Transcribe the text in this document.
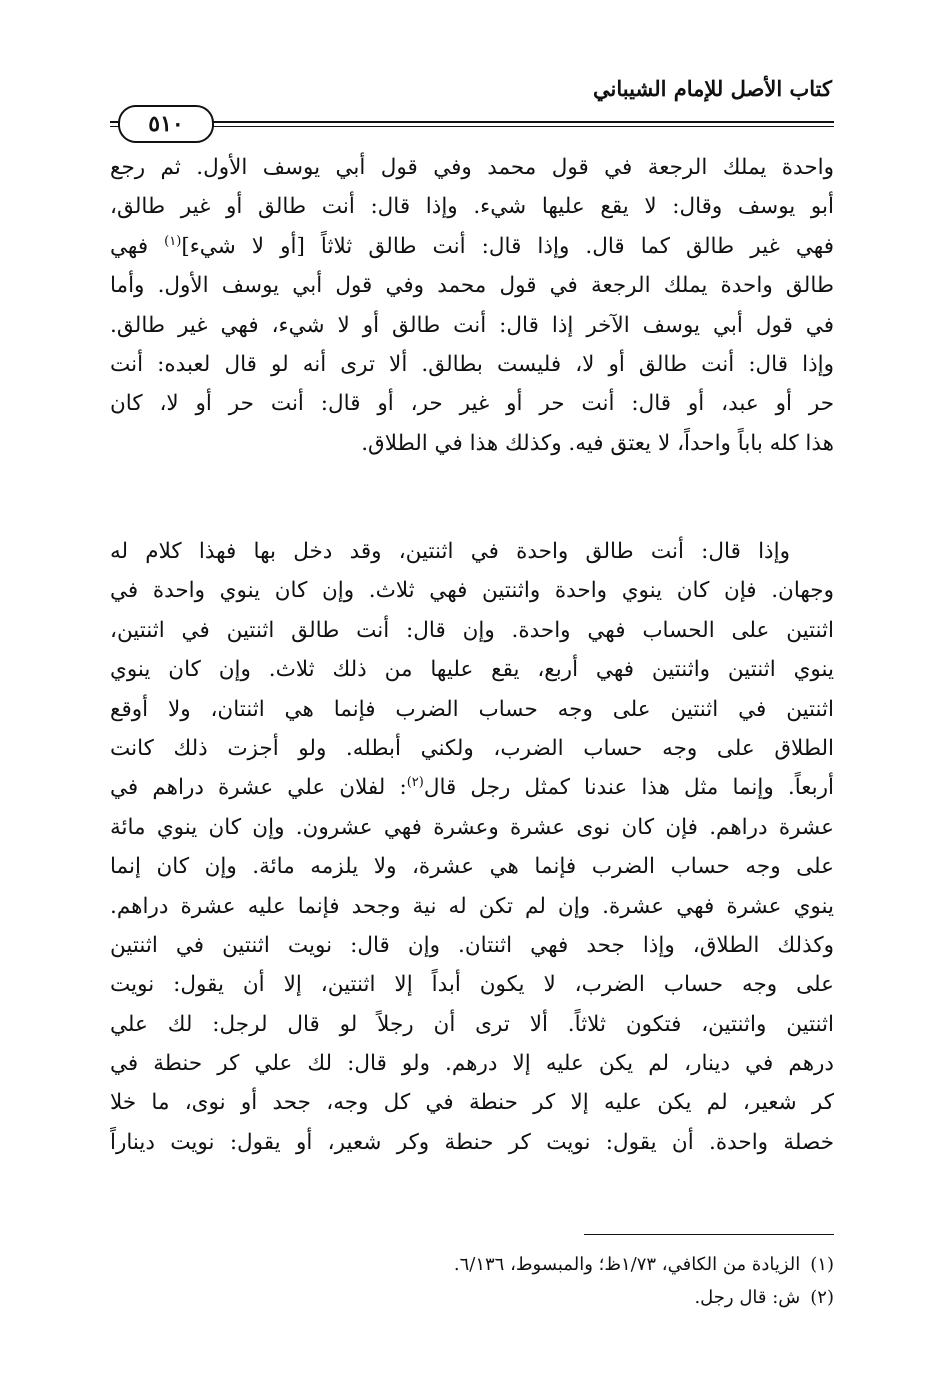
كتاب الأصل للإمام الشيباني
٥١٠
واحدة يملك الرجعة في قول محمد وفي قول أبي يوسف الأول. ثم رجع
أبو يوسف وقال: لا يقع عليها شيء. وإذا قال: أنت طالق أو غير طالق،
فهي غير طالق كما قال. وإذا قال: أنت طالق ثلاثاً [أو لا شيء]$^{(١)}$ فهي
طالق واحدة يملك الرجعة في قول محمد وفي قول أبي يوسف الأول. وأما
في قول أبي يوسف الآخر إذا قال: أنت طالق أو لا شيء، فهي غير طالق.
وإذا قال: أنت طالق أو لا، فليست بطالق. ألا ترى أنه لو قال لعبده: أنت
حر أو عبد، أو قال: أنت حر أو غير حر، أو قال: أنت حر أو لا، كان
هذا كله باباً واحداً، لا يعتق فيه. وكذلك هذا في الطلاق.
وإذا قال: أنت طالق واحدة في اثنتين، وقد دخل بها فهذا كلام له
وجهان. فإن كان ينوي واحدة واثنتين فهي ثلاث. وإن كان ينوي واحدة في
اثنتين على الحساب فهي واحدة. وإن قال: أنت طالق اثنتين في اثنتين،
ينوي اثنتين واثنتين فهي أربع، يقع عليها من ذلك ثلاث. وإن كان ينوي
اثنتين في اثنتين على وجه حساب الضرب فإنما هي اثنتان، ولا أوقع
الطلاق على وجه حساب الضرب، ولكني أبطله. ولو أجزت ذلك كانت
أربعاً. وإنما مثل هذا عندنا كمثل رجل قال$^{(٢)}$: لفلان علي عشرة دراهم في
عشرة دراهم. فإن كان نوى عشرة وعشرة فهي عشرون. وإن كان ينوي مائة
على وجه حساب الضرب فإنما هي عشرة، ولا يلزمه مائة. وإن كان إنما
ينوي عشرة فهي عشرة. وإن لم تكن له نية وجحد فإنما عليه عشرة دراهم.
وكذلك الطلاق، وإذا جحد فهي اثنتان. وإن قال: نويت اثنتين في اثنتين
على وجه حساب الضرب، لا يكون أبداً إلا اثنتين، إلا أن يقول: نويت
اثنتين واثنتين، فتكون ثلاثاً. ألا ترى أن رجلاً لو قال لرجل: لك علي
درهم في دينار، لم يكن عليه إلا درهم. ولو قال: لك علي كر حنطة في
كر شعير، لم يكن عليه إلا كر حنطة في كل وجه، جحد أو نوى، ما خلا
خصلة واحدة. أن يقول: نويت كر حنطة وكر شعير، أو يقول: نويت ديناراً
(١)الزيادة من الكافي، ١/٧٣ظ؛ والمبسوط، ٦/١٣٦.
(٢)ش: قال رجل.
